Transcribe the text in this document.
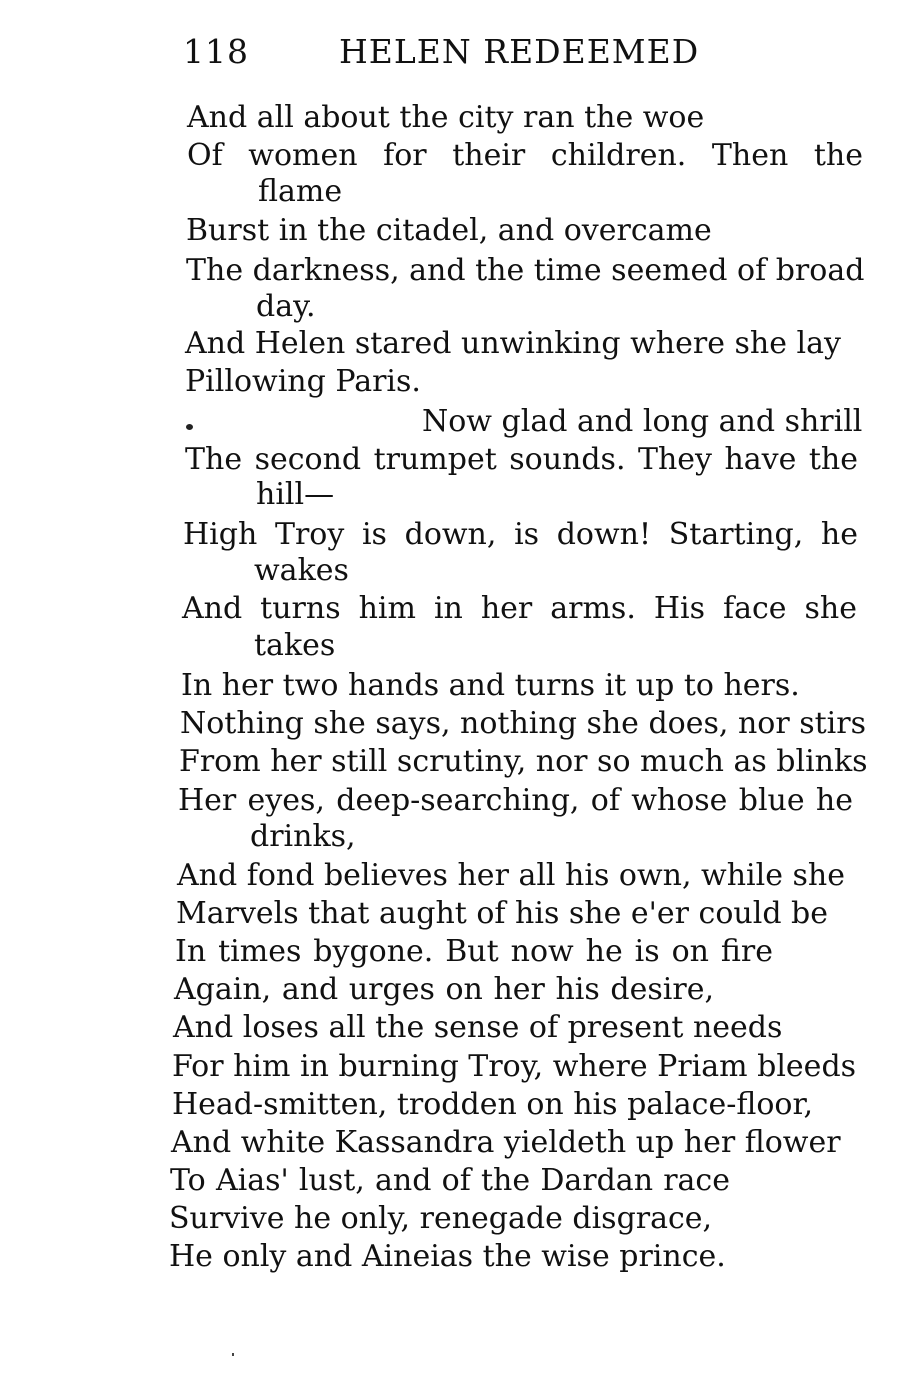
118	HELEN REDEEMED
And all about the city ran the woe
Of women for their children. Then the
flame
Burst in the citadel, and overcame
The darkness, and the time seemed of broad
day.
And Helen stared unwinking where she lay
Pillowing Paris.
Now glad and long and shrill
The second trumpet sounds. They have the
hill—
High Troy is down, is down! Starting, he
wakes
And turns him in her arms. His face she
takes
In her two hands and turns it up to hers.
Nothing she says, nothing she does, nor stirs
From her still scrutiny, nor so much as blinks
Her eyes, deep-searching, of whose blue he
drinks,
And fond believes her all his own, while she
Marvels that aught of his she e'er could be
In times bygone. But now he is on fire
Again, and urges on her his desire,
And loses all the sense of present needs
For him in burning Troy, where Priam bleeds
Head-smitten, trodden on his palace-floor,
And white Kassandra yieldeth up her flower
To Aias' lust, and of the Dardan race
Survive he only, renegade disgrace,
He only and Aineias the wise prince.
